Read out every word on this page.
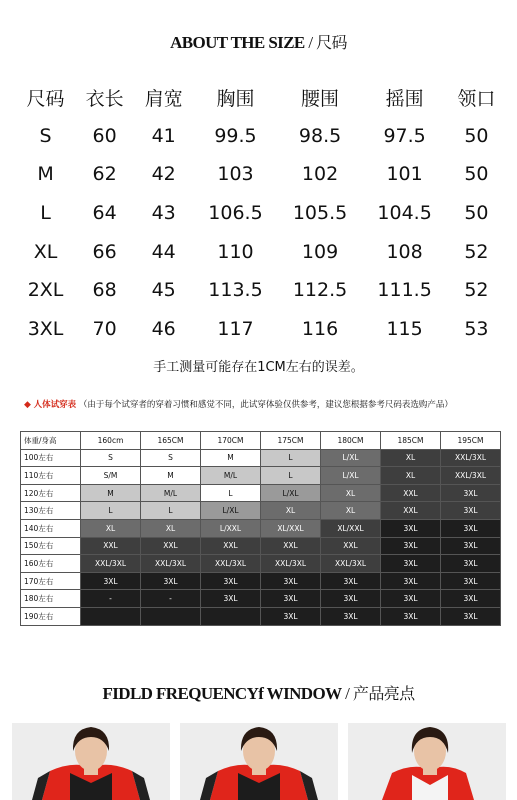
ABOUT THE SIZE / 尺码
尺码	衣长	肩宽	胸围	腰围	摇围	领口
S	60	41	99.5	98.5	97.5	50
M	62	42	103	102	101	50
L	64	43	106.5	105.5	104.5	50
XL	66	44	110	109	108	52
2XL	68	45	113.5	112.5	111.5	52
3XL	70	46	117	116	115	53
手工测量可能存在1CM左右的误差。
◆ 人体试穿表 （由于每个试穿者的穿着习惯和感觉不同，此试穿体验仅供参考，建议您根据参考尺码表选购产品）
体重/身高	160cm	165CM	170CM	175CM	180CM	185CM	195CM
100左右	S	S	M	L	L/XL	XL	XXL/3XL
110左右	S/M	M	M/L	L	L/XL	XL	XXL/3XL
120左右	M	M/L	L	L/XL	XL	XXL	3XL
130左右	L	L	L/XL	XL	XL	XXL	3XL
140左右	XL	XL	L/XXL	XL/XXL	XL/XXL	3XL	3XL
150左右	XXL	XXL	XXL	XXL	XXL	3XL	3XL
160左右	XXL/3XL	XXL/3XL	XXL/3XL	XXL/3XL	XXL/3XL	3XL	3XL
170左右	3XL	3XL	3XL	3XL	3XL	3XL	3XL
180左右	-	-	3XL	3XL	3XL	3XL	3XL
190左右				3XL	3XL	3XL	3XL
FIDLD FREQUENCYf WINDOW / 产品亮点
